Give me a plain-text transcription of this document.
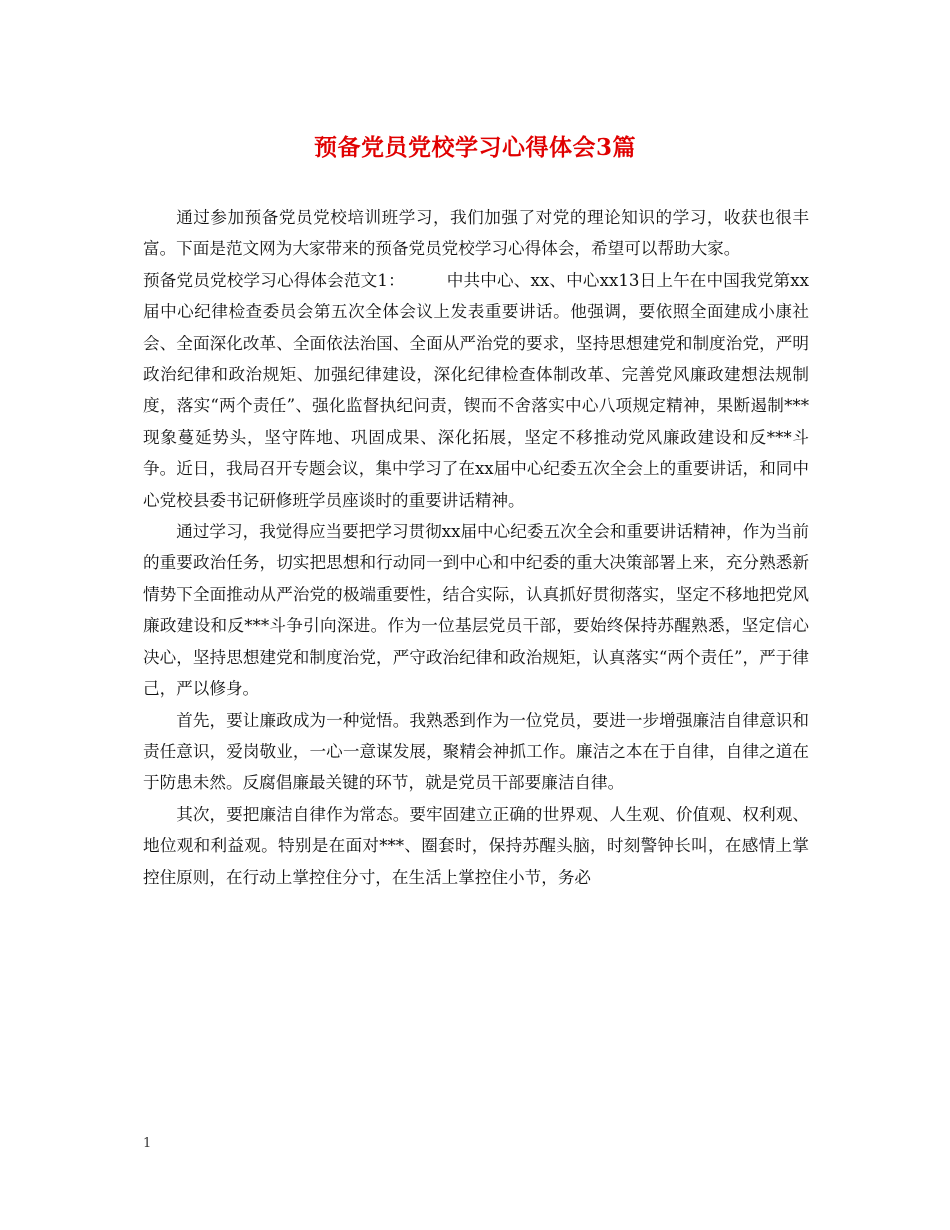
预备党员党校学习心得体会3篇

通过参加预备党员党校培训班学习，我们加强了对党的理论知识的学习，收获也很丰富。下面是范文网为大家带来的预备党员党校学习心得体会，希望可以帮助大家。

预备党员党校学习心得体会范文1：　　　中共中心、xx、中心xx13日上午在中国我党第xx届中心纪律检查委员会第五次全体会议上发表重要讲话。他强调，要依照全面建成小康社会、全面深化改革、全面依法治国、全面从严治党的要求，坚持思想建党和制度治党，严明政治纪律和政治规矩、加强纪律建设，深化纪律检查体制改革、完善党风廉政建想法规制度，落实“两个责任”、强化监督执纪问责，锲而不舍落实中心八项规定精神，果断遏制***现象蔓延势头，坚守阵地、巩固成果、深化拓展，坚定不移推动党风廉政建设和反***斗争。近日，我局召开专题会议，集中学习了在xx届中心纪委五次全会上的重要讲话，和同中心党校县委书记研修班学员座谈时的重要讲话精神。

通过学习，我觉得应当要把学习贯彻xx届中心纪委五次全会和重要讲话精神，作为当前的重要政治任务，切实把思想和行动同一到中心和中纪委的重大决策部署上来，充分熟悉新情势下全面推动从严治党的极端重要性，结合实际，认真抓好贯彻落实，坚定不移地把党风廉政建设和反***斗争引向深进。作为一位基层党员干部，要始终保持苏醒熟悉，坚定信心决心，坚持思想建党和制度治党，严守政治纪律和政治规矩，认真落实“两个责任”，严于律己，严以修身。

首先，要让廉政成为一种觉悟。我熟悉到作为一位党员，要进一步增强廉洁自律意识和责任意识，爱岗敬业，一心一意谋发展，聚精会神抓工作。廉洁之本在于自律，自律之道在于防患未然。反腐倡廉最关键的环节，就是党员干部要廉洁自律。

其次，要把廉洁自律作为常态。要牢固建立正确的世界观、人生观、价值观、权利观、地位观和利益观。特别是在面对***、圈套时，保持苏醒头脑，时刻警钟长叫，在感情上掌控住原则，在行动上掌控住分寸，在生活上掌控住小节，务必

1
